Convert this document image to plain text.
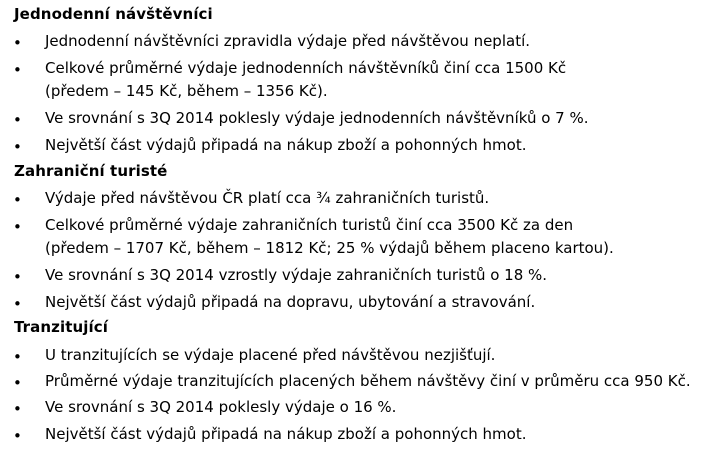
Jednodenní návštěvníci
• Jednodenní návštěvníci zpravidla výdaje před návštěvou neplatí.
• Celkové průměrné výdaje jednodenních návštěvníků činí cca 1500 Kč
(předem – 145 Kč, během – 1356 Kč).
• Ve srovnání s 3Q 2014 poklesly výdaje jednodenních návštěvníků o 7 %.
• Největší část výdajů připadá na nákup zboží a pohonných hmot.
Zahraniční turisté
• Výdaje před návštěvou ČR platí cca ¾ zahraničních turistů.
• Celkové průměrné výdaje zahraničních turistů činí cca 3500 Kč za den
(předem – 1707 Kč, během – 1812 Kč; 25 % výdajů během placeno kartou).
• Ve srovnání s 3Q 2014 vzrostly výdaje zahraničních turistů o 18 %.
• Největší část výdajů připadá na dopravu, ubytování a stravování.
Tranzitující
• U tranzitujících se výdaje placené před návštěvou nezjišťují.
• Průměrné výdaje tranzitujících placených během návštěvy činí v průměru cca 950 Kč.
• Ve srovnání s 3Q 2014 poklesly výdaje o 16 %.
• Největší část výdajů připadá na nákup zboží a pohonných hmot.
